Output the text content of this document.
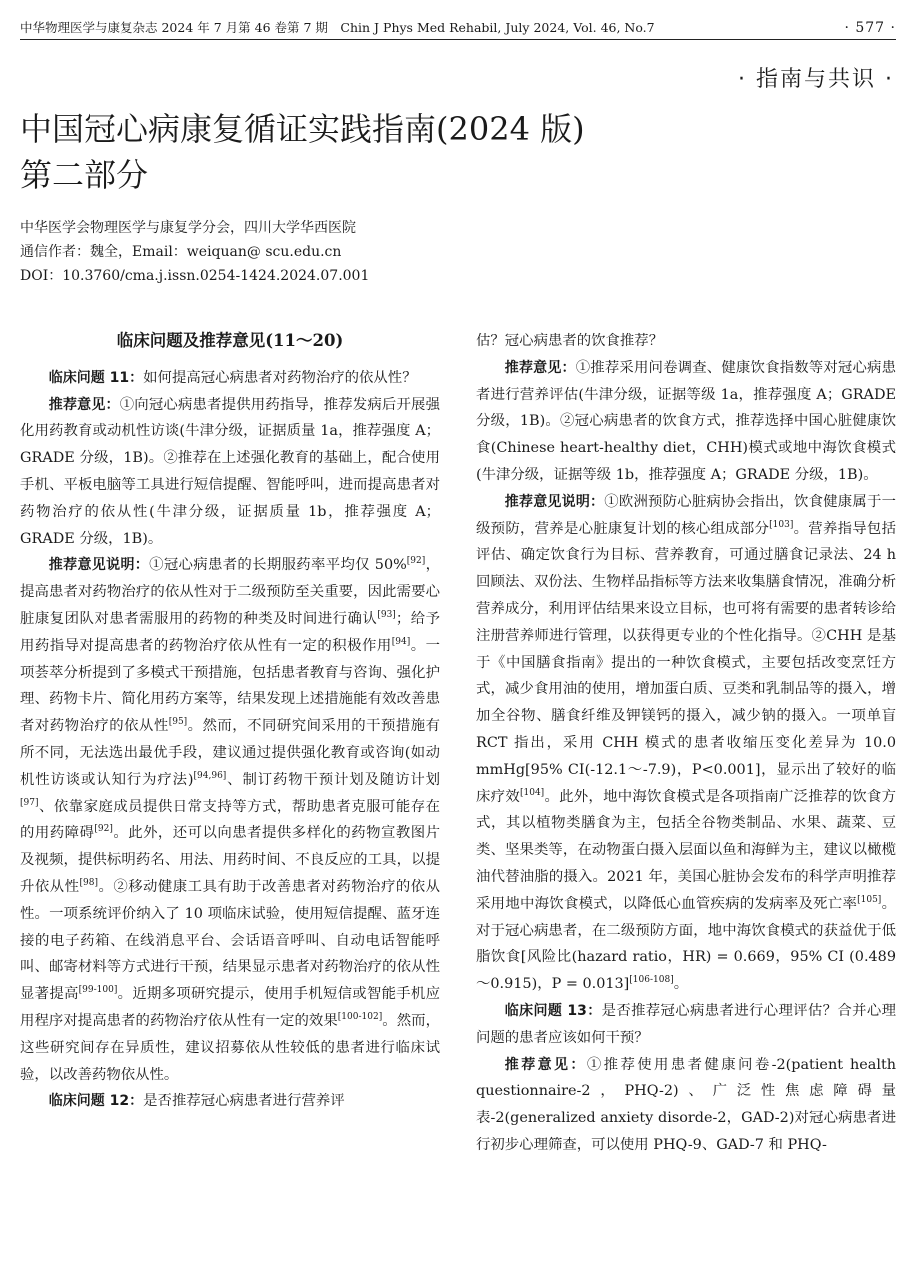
中华物理医学与康复杂志 2024 年 7 月第 46 卷第 7 期　Chin J Phys Med Rehabil, July 2024, Vol. 46, No.7	· 577 ·
· 指南与共识 ·
中国冠心病康复循证实践指南(2024 版)
第二部分
中华医学会物理医学与康复学分会，四川大学华西医院
通信作者：魏全，Email：weiquan@ scu.edu.cn
DOI：10.3760/cma.j.issn.0254-1424.2024.07.001

临床问题及推荐意见(11～20)

临床问题 11：如何提高冠心病患者对药物治疗的依从性？

推荐意见：①向冠心病患者提供用药指导，推荐发病后开展强化用药教育或动机性访谈(牛津分级，证据质量 1a，推荐强度 A；GRADE 分级，1B)。②推荐在上述强化教育的基础上，配合使用手机、平板电脑等工具进行短信提醒、智能呼叫，进而提高患者对药物治疗的依从性(牛津分级，证据质量 1b，推荐强度 A；GRADE 分级，1B)。

推荐意见说明：①冠心病患者的长期服药率平均仅 50%[92]，提高患者对药物治疗的依从性对于二级预防至关重要，因此需要心脏康复团队对患者需服用的药物的种类及时间进行确认[93]；给予用药指导对提高患者的药物治疗依从性有一定的积极作用[94]。一项荟萃分析提到了多模式干预措施，包括患者教育与咨询、强化护理、药物卡片、简化用药方案等，结果发现上述措施能有效改善患者对药物治疗的依从性[95]。然而，不同研究间采用的干预措施有所不同，无法选出最优手段，建议通过提供强化教育或咨询(如动机性访谈或认知行为疗法)[94,96]、制订药物干预计划及随访计划[97]、依靠家庭成员提供日常支持等方式，帮助患者克服可能存在的用药障碍[92]。此外，还可以向患者提供多样化的药物宣教图片及视频，提供标明药名、用法、用药时间、不良反应的工具，以提升依从性[98]。②移动健康工具有助于改善患者对药物治疗的依从性。一项系统评价纳入了 10 项临床试验，使用短信提醒、蓝牙连接的电子药箱、在线消息平台、会话语音呼叫、自动电话智能呼叫、邮寄材料等方式进行干预，结果显示患者对药物治疗的依从性显著提高[99-100]。近期多项研究提示，使用手机短信或智能手机应用程序对提高患者的药物治疗依从性有一定的效果[100-102]。然而，这些研究间存在异质性，建议招募依从性较低的患者进行临床试验，以改善药物依从性。

临床问题 12：是否推荐冠心病患者进行营养评

估？冠心病患者的饮食推荐？

推荐意见：①推荐采用问卷调查、健康饮食指数等对冠心病患者进行营养评估(牛津分级，证据等级 1a，推荐强度 A；GRADE 分级，1B)。②冠心病患者的饮食方式，推荐选择中国心脏健康饮食(Chinese heart-healthy diet，CHH)模式或地中海饮食模式(牛津分级，证据等级 1b，推荐强度 A；GRADE 分级，1B)。

推荐意见说明：①欧洲预防心脏病协会指出，饮食健康属于一级预防，营养是心脏康复计划的核心组成部分[103]。营养指导包括评估、确定饮食行为目标、营养教育，可通过膳食记录法、24 h 回顾法、双份法、生物样品指标等方法来收集膳食情况，准确分析营养成分，利用评估结果来设立目标，也可将有需要的患者转诊给注册营养师进行管理，以获得更专业的个性化指导。②CHH 是基于《中国膳食指南》提出的一种饮食模式，主要包括改变烹饪方式，减少食用油的使用，增加蛋白质、豆类和乳制品等的摄入，增加全谷物、膳食纤维及钾镁钙的摄入，减少钠的摄入。一项单盲 RCT 指出，采用 CHH 模式的患者收缩压变化差异为 10.0 mmHg[95% CI(-12.1～-7.9)，P<0.001]，显示出了较好的临床疗效[104]。此外，地中海饮食模式是各项指南广泛推荐的饮食方式，其以植物类膳食为主，包括全谷物类制品、水果、蔬菜、豆类、坚果类等，在动物蛋白摄入层面以鱼和海鲜为主，建议以橄榄油代替油脂的摄入。2021 年，美国心脏协会发布的科学声明推荐采用地中海饮食模式，以降低心血管疾病的发病率及死亡率[105]。对于冠心病患者，在二级预防方面，地中海饮食模式的获益优于低脂饮食[风险比(hazard ratio，HR) = 0.669，95% CI (0.489～0.915)，P = 0.013][106-108]。

临床问题 13：是否推荐冠心病患者进行心理评估？合并心理问题的患者应该如何干预？

推荐意见：①推荐使用患者健康问卷-2(patient health questionnaire-2，PHQ-2)、广泛性焦虑障碍量表-2(generalized anxiety disorde-2，GAD-2)对冠心病患者进行初步心理筛查，可以使用 PHQ-9、GAD-7 和 PHQ-
